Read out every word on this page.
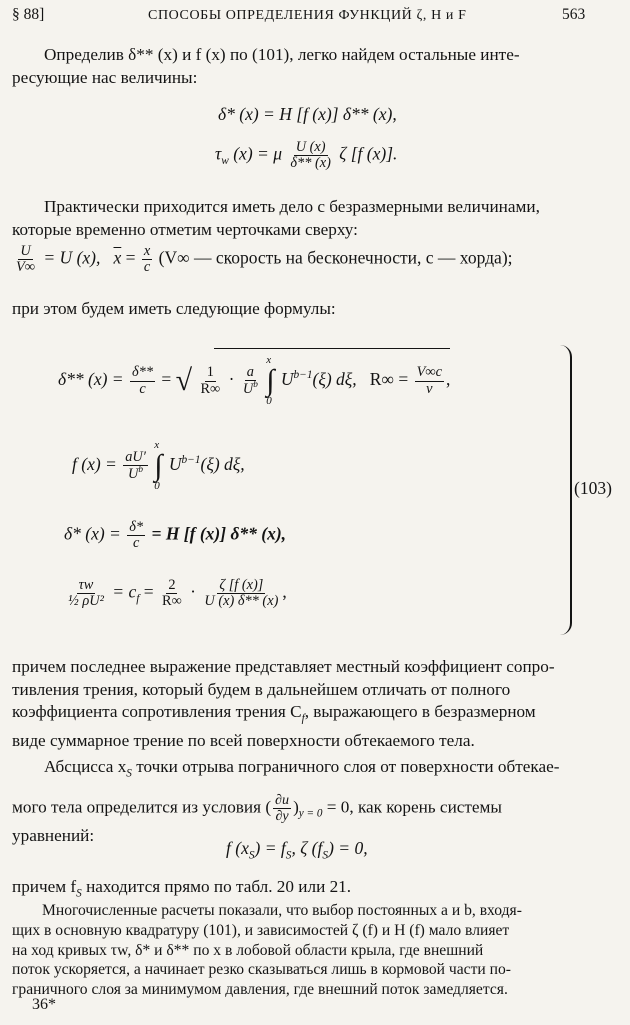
§ 88]	СПОСОБЫ ОПРЕДЕЛЕНИЯ ФУНКЦИЙ ζ, H и F	563
Определив δ** (x) и f (x) по (101), легко найдем остальные инте-
ресующие нас величины:
δ* (x) = H [f (x)] δ** (x),
$\tau_w$ (x) = μ $\frac{U (x)}{\delta** (x)}$ ζ [f (x)].
Практически приходится иметь дело с безразмерными величинами,
которые временно отметим черточками сверху:
$\frac{U}{V\infty} = U$ (x), $\overline{x} = \frac{x}{c} (V\infty$ — скорость на бесконечности, c — хорда);
при этом будем иметь следующие формулы:
δ** $(x) = \frac{\delta**}{c}$ = √ $\frac{1}{R\infty} \cdot \frac{a}{U^b}$

x
∫
0
$U^{b-1}(\xi)$ dξ, $R\infty = \frac{V\infty c}{\nu}$ ,
f $(x) = \frac{aU'}{U^b}$

x
∫
0
$U^{b-1}(\xi)$ dξ,
δ* $(x) = \frac{\delta*}{c} = H$ [f (x)] δ** (x),
$\frac{\tau w}{\text{½ ρU²}} = c_f = \frac{2}{R\infty} \cdot \frac{\zeta [f (x)]}{U (x) \delta** (x)}$ ,
(103)
причем последнее выражение представляет местный коэффициент сопро-
тивления трения, который будем в дальнейшем отличать от полного
коэффициента сопротивления трения $C_f$, выражающего в безразмерном
виде суммарное трение по всей поверхности обтекаемого тела.
Абсцисса $x_S$ точки отрыва пограничного слоя от поверхности обтекае-
мого тела определится из условия ( $\frac{\partial u}{\partial y} )_{y = 0} = 0$, как корень системы
уравнений:
f $(x_S) = f_S$, ζ $(f_S) = 0$,
причем $f_S$ находится прямо по табл. 20 или 21.
Многочисленные расчеты показали, что выбор постоянных a и b, входя-
щих в основную квадратуру (101), и зависимостей ζ (f) и H (f) мало влияет
на ход кривых τw, δ* и δ** по x в лобовой области крыла, где внешний
поток ускоряется, а начинает резко сказываться лишь в кормовой части по-
граничного слоя за минимумом давления, где внешний поток замедляется.
36*
